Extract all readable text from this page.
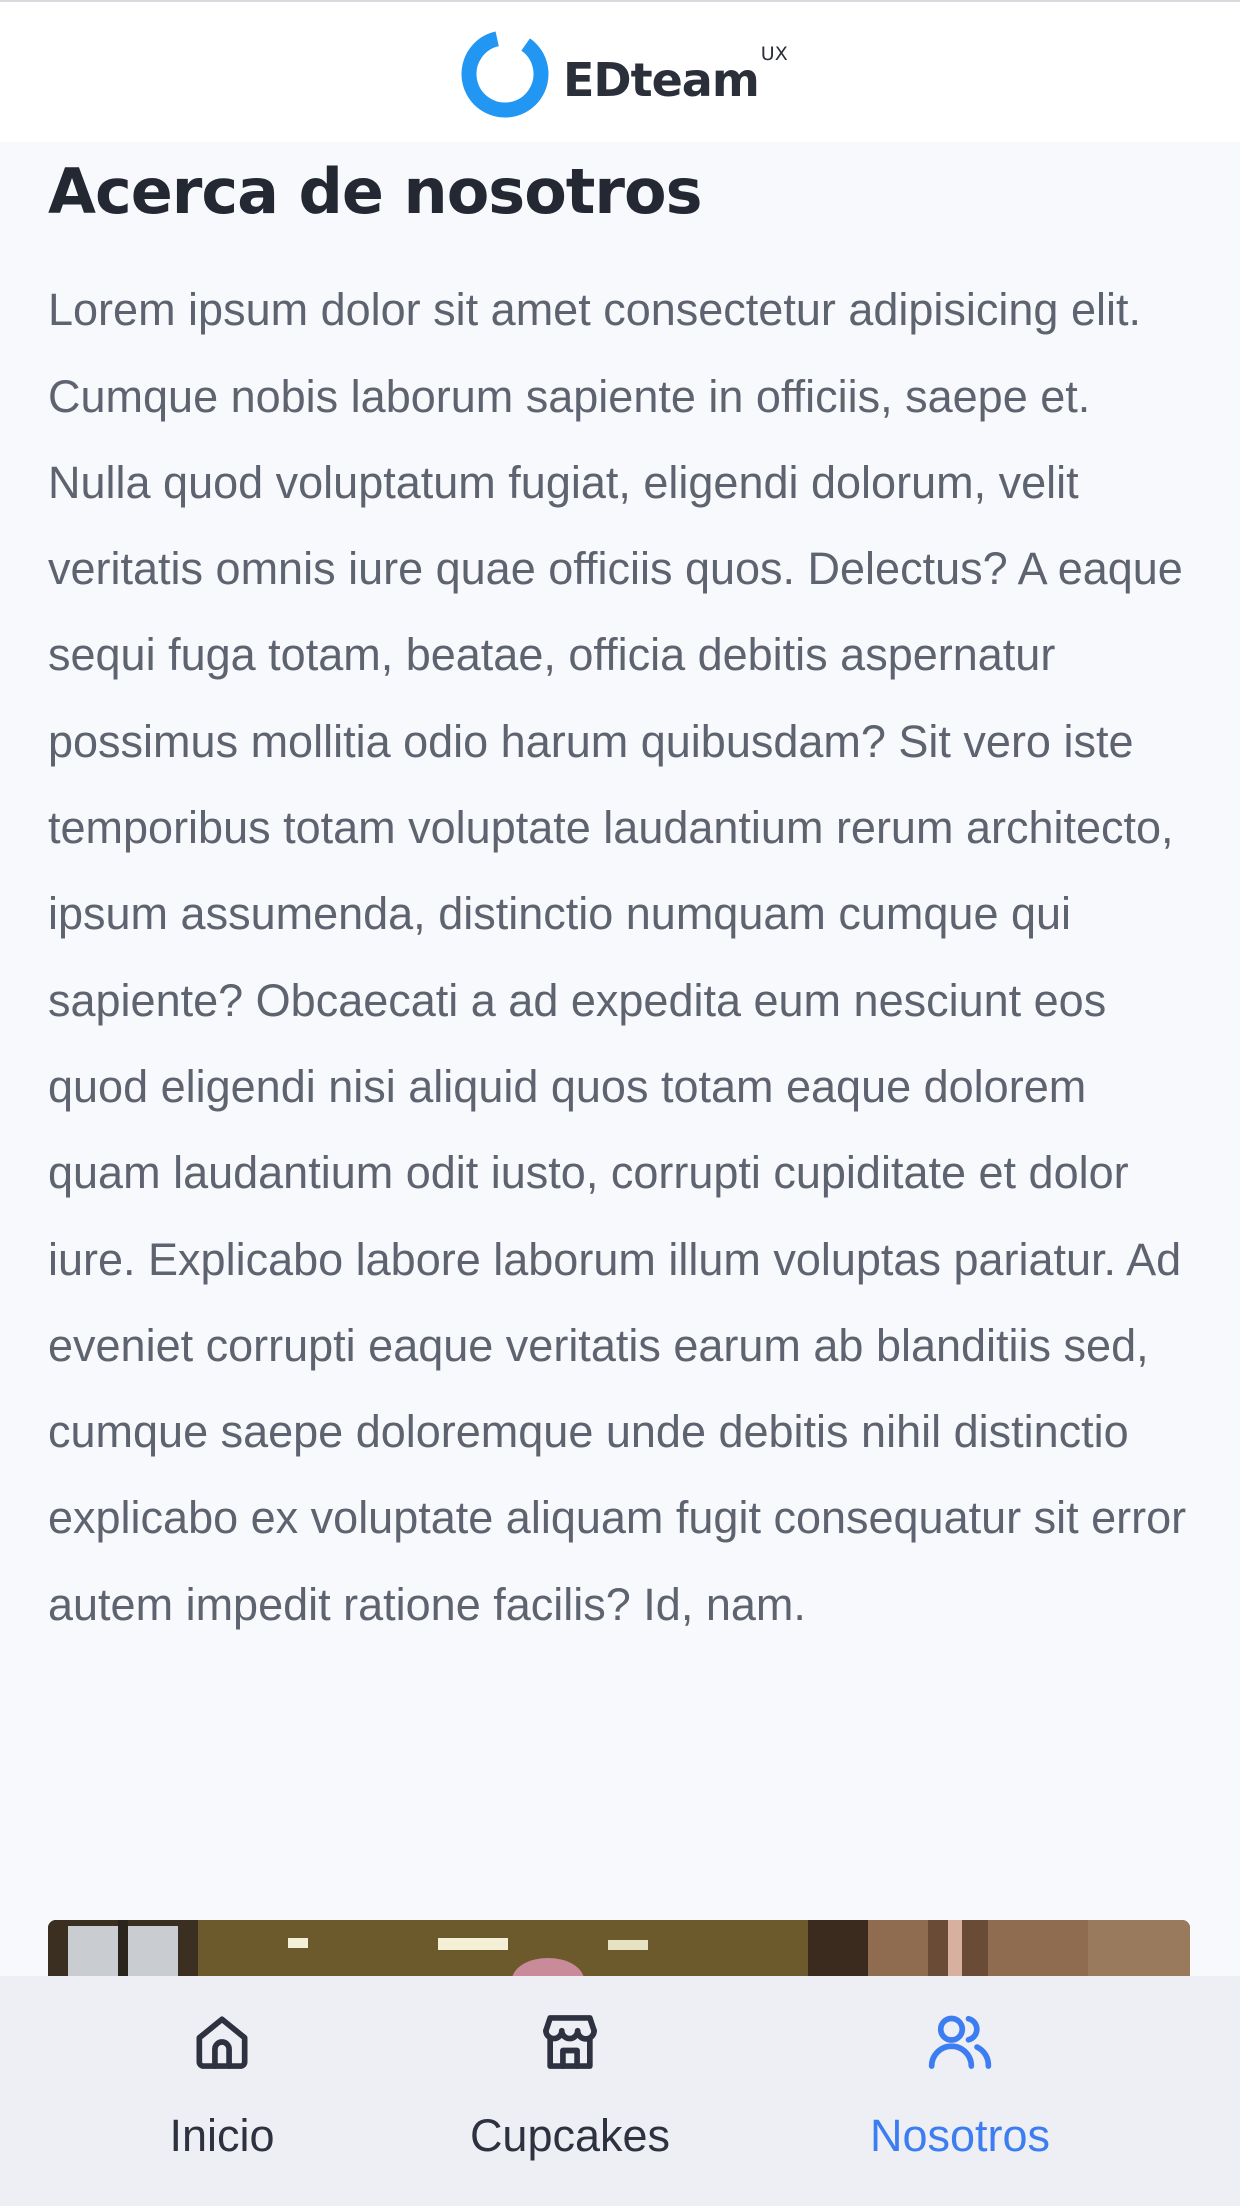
EDteam UX
Acerca de nosotros

Lorem ipsum dolor sit amet consectetur adipisicing elit. Cumque nobis laborum sapiente in officiis, saepe et. Nulla quod voluptatum fugiat, eligendi dolorum, velit veritatis omnis iure quae officiis quos. Delectus? A eaque sequi fuga totam, beatae, officia debitis aspernatur possimus mollitia odio harum quibusdam? Sit vero iste temporibus totam voluptate laudantium rerum architecto, ipsum assumenda, distinctio numquam cumque qui sapiente? Obcaecati a ad expedita eum nesciunt eos quod eligendi nisi aliquid quos totam eaque dolorem quam laudantium odit iusto, corrupti cupiditate et dolor iure. Explicabo labore laborum illum voluptas pariatur. Ad eveniet corrupti eaque veritatis earum ab blanditiis sed, cumque saepe doloremque unde debitis nihil distinctio explicabo ex voluptate aliquam fugit consequatur sit error autem impedit ratione facilis? Id, nam.

Inicio	Cupcakes	Nosotros
